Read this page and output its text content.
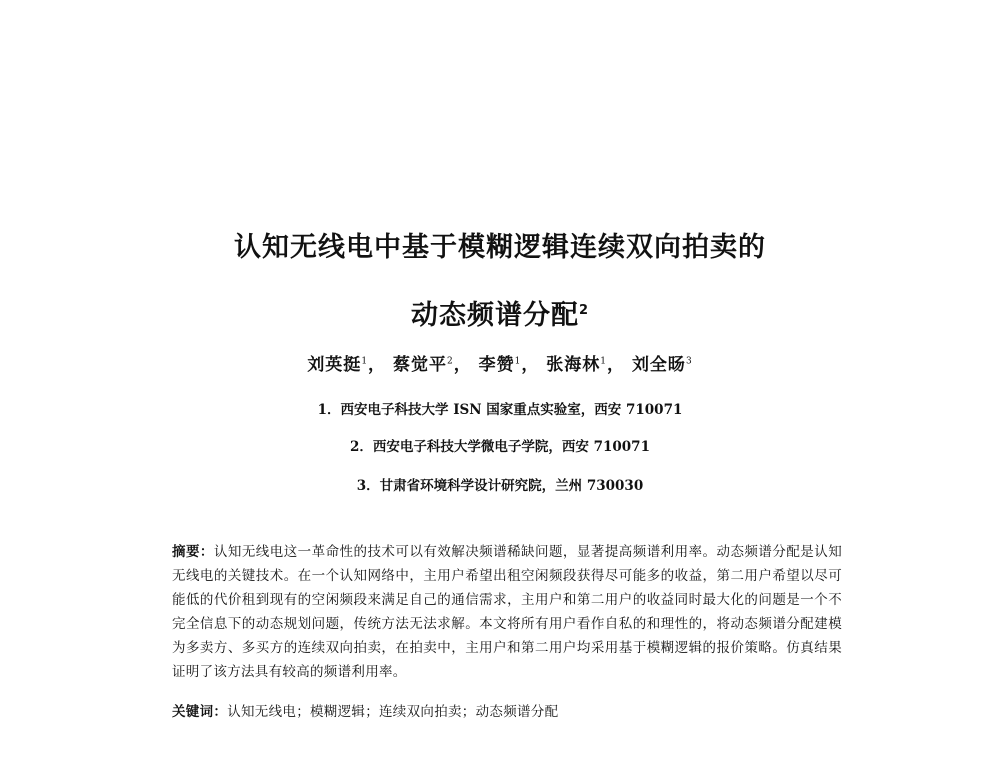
认知无线电中基于模糊逻辑连续双向拍卖的
动态频谱分配$^2$
刘英挺$^1$， 蔡觉平$^2$， 李赞$^1$， 张海林$^1$， 刘全旸$^3$
1．西安电子科技大学 ISN 国家重点实验室，西安 710071
2．西安电子科技大学微电子学院，西安 710071
3．甘肃省环境科学设计研究院，兰州 730030
摘要：认知无线电这一革命性的技术可以有效解决频谱稀缺问题，显著提高频谱利用率。动态频谱分配是认知无线电的关键技术。在一个认知网络中，主用户希望出租空闲频段获得尽可能多的收益，第二用户希望以尽可能低的代价租到现有的空闲频段来满足自己的通信需求，主用户和第二用户的收益同时最大化的问题是一个不完全信息下的动态规划问题，传统方法无法求解。本文将所有用户看作自私的和理性的，将动态频谱分配建模为多卖方、多买方的连续双向拍卖，在拍卖中，主用户和第二用户均采用基于模糊逻辑的报价策略。仿真结果证明了该方法具有较高的频谱利用率。
关键词：认知无线电；模糊逻辑；连续双向拍卖；动态频谱分配
